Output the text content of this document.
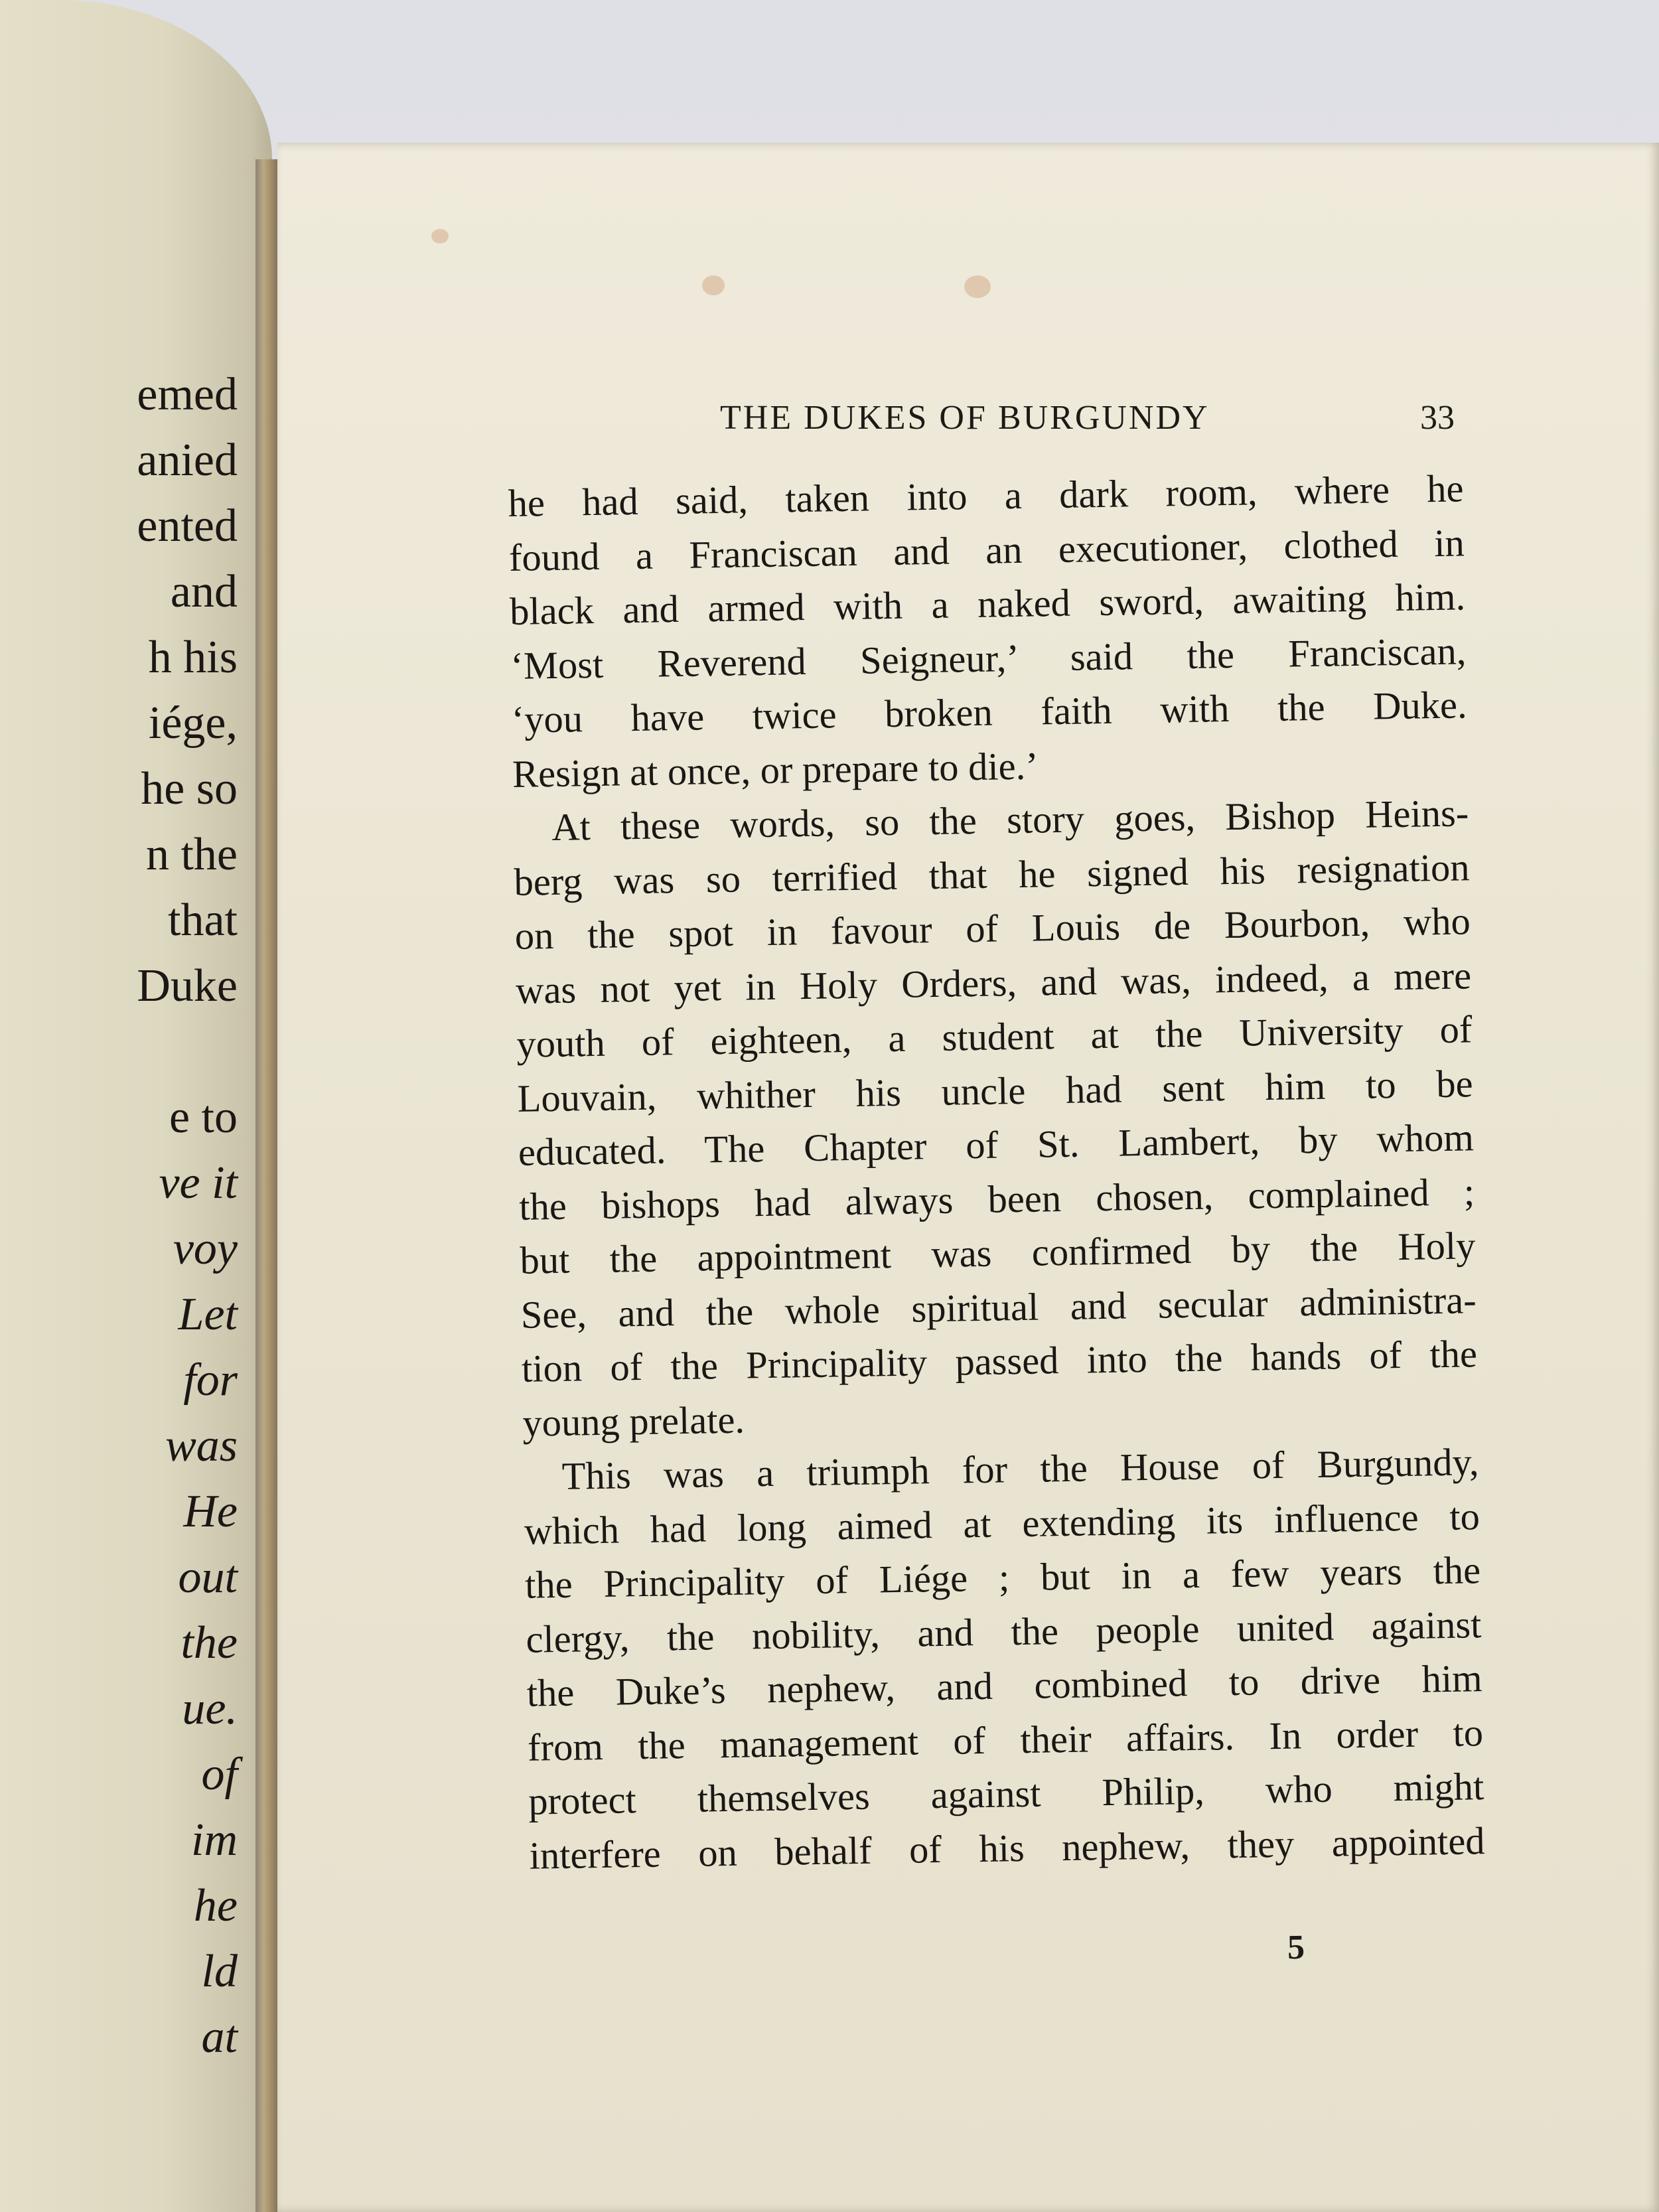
emed
anied
ented
and
h his
iége,
he so
n the
that
Duke

e to
ve it
voy
Let
for
was
He
out
the
ue.
of
im
he
ld
at
THE DUKES OF BURGUNDY	33
he had said, taken into a dark room, where he
found a Franciscan and an executioner, clothed in
black and armed with a naked sword, awaiting him.
‘Most Reverend Seigneur,’ said the Franciscan,
‘you have twice broken faith with the Duke.
Resign at once, or prepare to die.’
At these words, so the story goes, Bishop Heins-
berg was so terrified that he signed his resignation
on the spot in favour of Louis de Bourbon, who
was not yet in Holy Orders, and was, indeed, a mere
youth of eighteen, a student at the University of
Louvain, whither his uncle had sent him to be
educated. The Chapter of St. Lambert, by whom
the bishops had always been chosen, complained ;
but the appointment was confirmed by the Holy
See, and the whole spiritual and secular administra-
tion of the Principality passed into the hands of the
young prelate.
This was a triumph for the House of Burgundy,
which had long aimed at extending its influence to
the Principality of Liége ; but in a few years the
clergy, the nobility, and the people united against
the Duke’s nephew, and combined to drive him
from the management of their affairs. In order to
protect themselves against Philip, who might
interfere on behalf of his nephew, they appointed
5
